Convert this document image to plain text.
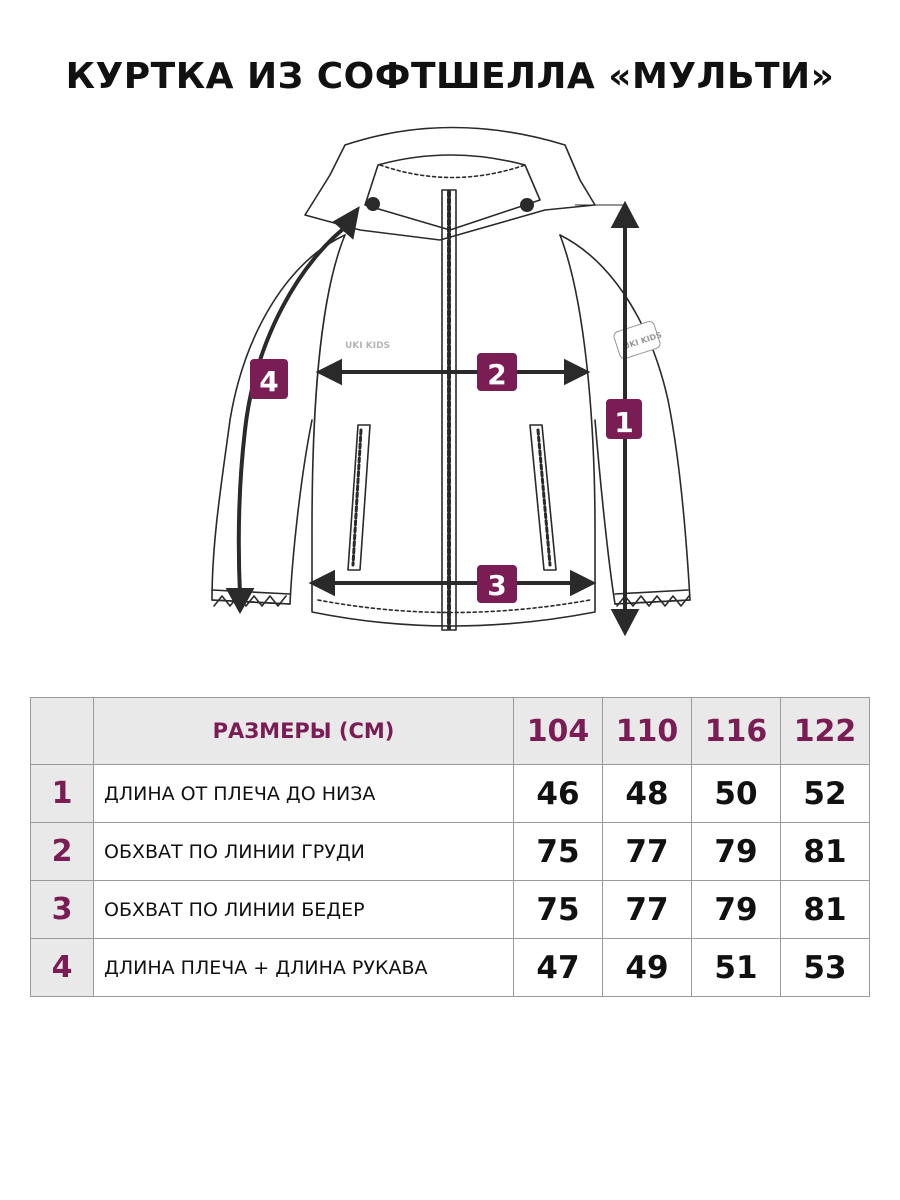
КУРТКА ИЗ СОФТШЕЛЛА «МУЛЬТИ»
UKI KIDS	UKI KIDS
1
2
3
4
	РАЗМЕРЫ (СМ)	104	110	116	122
1	ДЛИНА ОТ ПЛЕЧА ДО НИЗА	46	48	50	52
2	ОБХВАТ ПО ЛИНИИ ГРУДИ	75	77	79	81
3	ОБХВАТ ПО ЛИНИИ БЕДЕР	75	77	79	81
4	ДЛИНА ПЛЕЧА + ДЛИНА РУКАВА	47	49	51	53
